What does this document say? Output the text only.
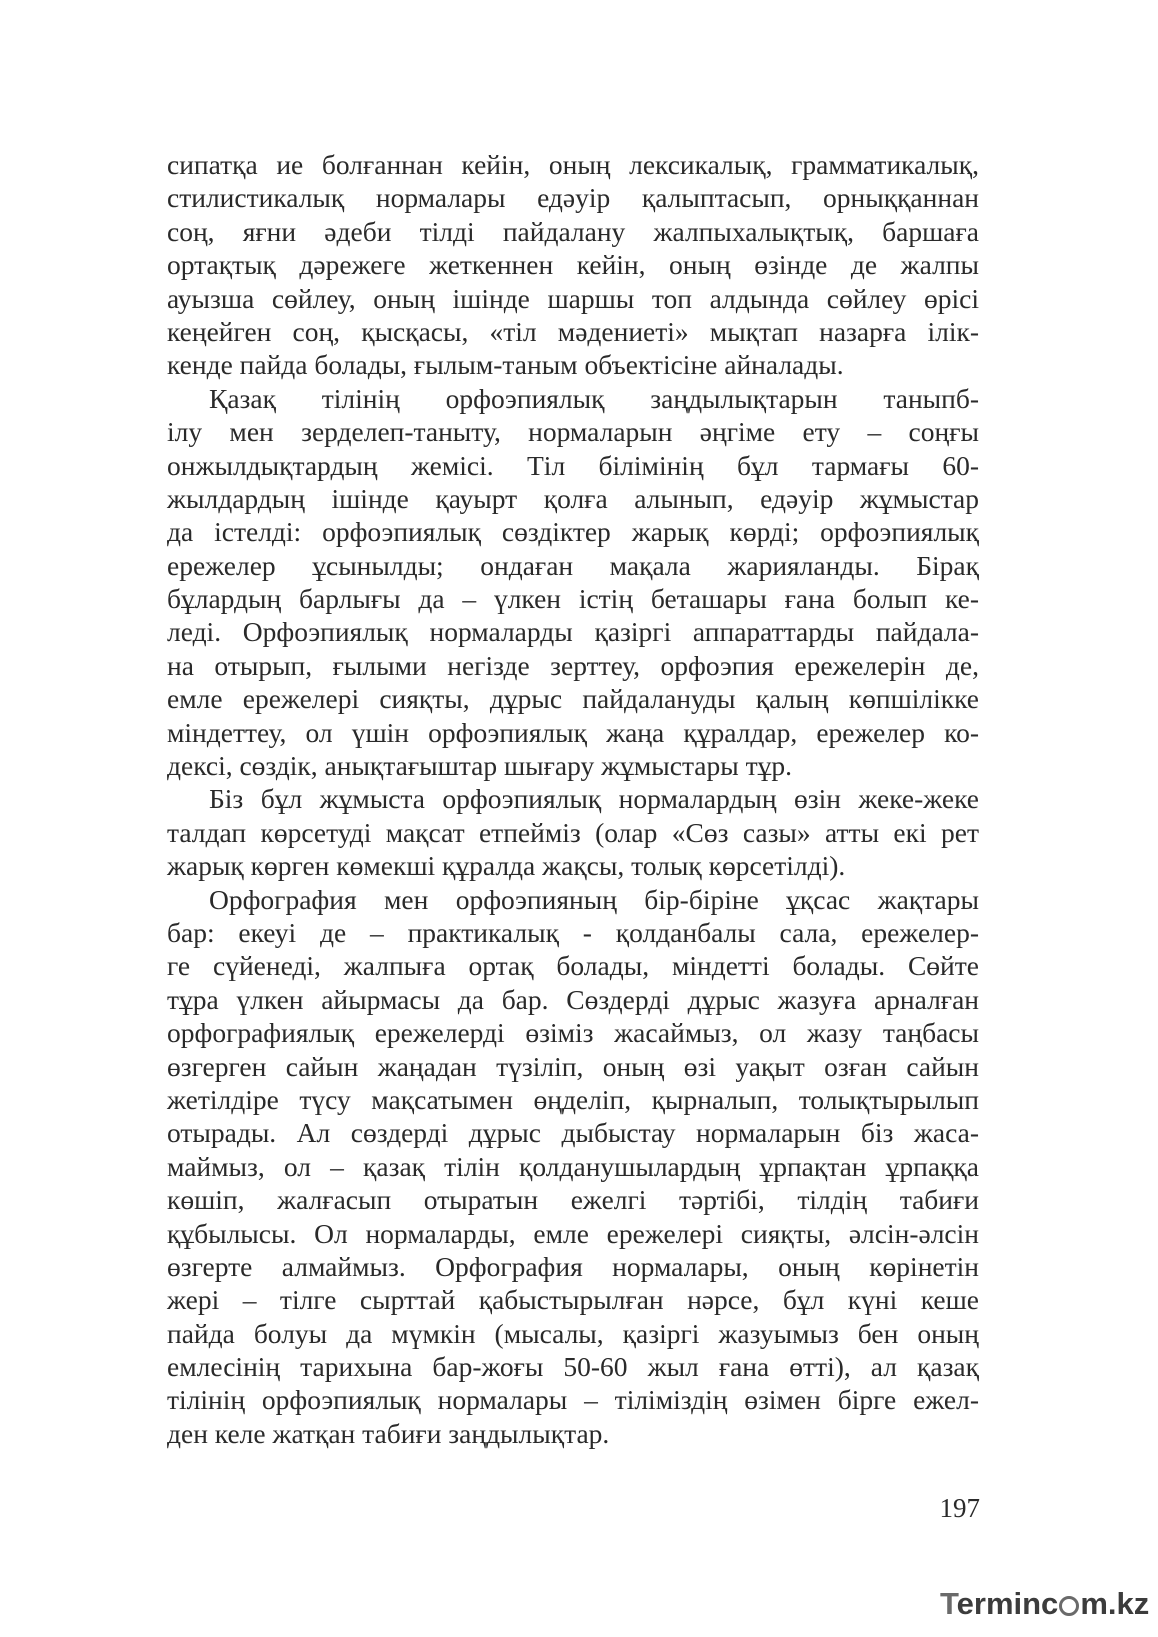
сипатқа ие болғаннан кейін, оның лексикалық, грамматикалық,
стилистикалық нормалары едәуір қалыптасып, орныққаннан
соң, яғни әдеби тілді пайдалану жалпыхалықтық, баршаға
ортақтық дәрежеге жеткеннен кейін, оның өзінде де жалпы
ауызша сөйлеу, оның ішінде шаршы топ алдында сөйлеу өрісі
кеңейген соң, қысқасы, «тіл мәдениеті» мықтап назарға ілік-
кенде пайда болады, ғылым-таным объектісіне айналады.
Қазақ тілінің орфоэпиялық заңдылықтарын таныпб-
ілу мен зерделеп-таныту, нормаларын әңгіме ету – соңғы
онжылдықтардың жемісі. Тіл білімінің бұл тармағы 60-
жылдардың ішінде қауырт қолға алынып, едәуір жұмыстар
да істелді: орфоэпиялық сөздіктер жарық көрді; орфоэпиялық
ережелер ұсынылды; ондаған мақала жарияланды. Бірақ
бұлардың барлығы да – үлкен істің беташары ғана болып ке-
леді. Орфоэпиялық нормаларды қазіргі аппараттарды пайдала-
на отырып, ғылыми негізде зерттеу, орфоэпия ережелерін де,
емле ережелері сияқты, дұрыс пайдалануды қалың көпшілікке
міндеттеу, ол үшін орфоэпиялық жаңа құралдар, ережелер ко-
дексі, сөздік, анықтағыштар шығару жұмыстары тұр.
Біз бұл жұмыста орфоэпиялық нормалардың өзін жеке-жеке
талдап көрсетуді мақсат етпейміз (олар «Сөз сазы» атты екі рет
жарық көрген көмекші құралда жақсы, толық көрсетілді).
Орфография мен орфоэпияның бір-біріне ұқсас жақтары
бар: екеуі де – практикалық - қолданбалы сала, ережелер-
ге сүйенеді, жалпыға ортақ болады, міндетті болады. Сөйте
тұра үлкен айырмасы да бар. Сөздерді дұрыс жазуға арналған
орфографиялық ережелерді өзіміз жасаймыз, ол жазу таңбасы
өзгерген сайын жаңадан түзіліп, оның өзі уақыт озған сайын
жетілдіре түсу мақсатымен өңделіп, қырналып, толықтырылып
отырады. Ал сөздерді дұрыс дыбыстау нормаларын біз жаса-
маймыз, ол – қазақ тілін қолданушылардың ұрпақтан ұрпаққа
көшіп, жалғасып отыратын ежелгі тәртібі, тілдің табиғи
құбылысы. Ол нормаларды, емле ережелері сияқты, әлсін-әлсін
өзгерте алмаймыз. Орфография нормалары, оның көрінетін
жері – тілге сырттай қабыстырылған нәрсе, бұл күні кеше
пайда болуы да мүмкін (мысалы, қазіргі жазуымыз бен оның
емлесінің тарихына бар-жоғы 50-60 жыл ғана өтті), ал қазақ
тілінің орфоэпиялық нормалары – тіліміздің өзімен бірге ежел-
ден келе жатқан табиғи заңдылықтар.
197
Terminc m.kz
